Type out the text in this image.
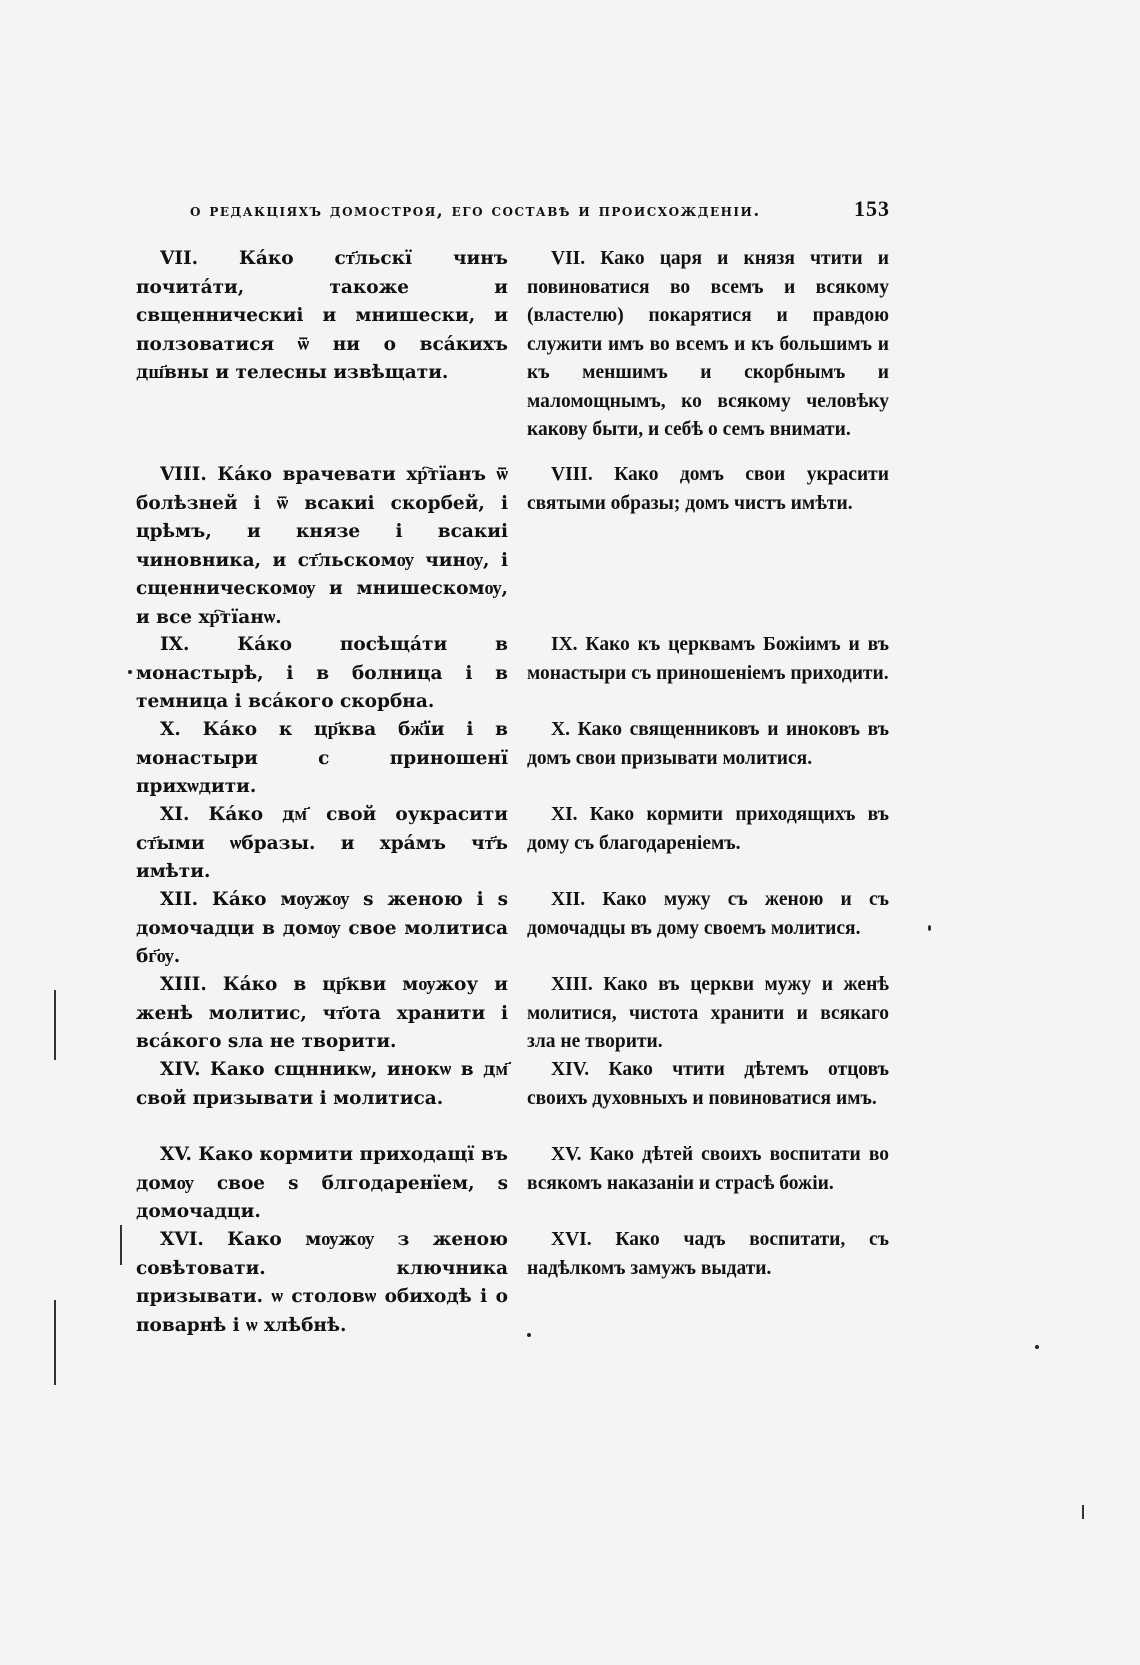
о редакціяхъ домостроя, его составѣ и происхожденіи.	153

VII. Ка́ко ст҃льскї чинъ почита́ти, такоже и свщенническиі и мнишески, и ползоватися ѿ ни о вса́кихъ дш҃вны и телесны извѣщати.

VIII. Ка́ко врачевати хр҇тїанъ ѿ болѣзней і ѿ всакиі скорбей, і црҍмъ, и князе і всакиі чиновника, и ст҃льскомѹ чинѹ, і сщенническомѹ и мнишескомѹ, и все хр҇тїанѡ.

IX. Ка́ко посѣща́ти в монастырѣ, і в болница і в темница і вса́кого скорбна.

X. Ка́ко к цр҃ква бж҃їи і в монастыри с приношенї прихѡдити.

XI. Ка́ко дм҃ свой оукрасити ст҃ыми ѡбразы. и хра́мъ чт҃ъ имѣти.

XII. Ка́ко мѹжѹ ѕ женою і ѕ домочадци в домѹ свое молитиса бг҃ѹ.

XIII. Ка́ко в цр҃кви мѹжоу и женѣ молитис, чт҃ота хранити і вса́кого ѕла не творити.

XIV. Како сщнникѡ, инокѡ в дм҃ свой призывати і молитиса.

XV. Како кормити приходащї въ домѹ свое ѕ блгодаренїем, ѕ домочадци.

XVI. Како мѹжѹ з женою совѣтовати. ключника призывати. ѡ столовѡ обиходѣ і о поварнѣ і ѡ хлѣбнѣ.

VII. Како царя и князя чтити и повиноватися во всемъ и всякому (властелю) покарятися и правдою служити имъ во всемъ и къ большимъ и къ меншимъ и скорбнымъ и маломощнымъ, ко всякому человѣку какову быти, и себѣ о семъ внимати.

VIII. Како домъ свои украсити святыми образы; домъ чистъ имѣти.

IX. Како къ церквамъ Божіимъ и въ монастыри съ приношеніемъ приходити.

X. Како священниковъ и иноковъ въ домъ свои призывати молитися.

XI. Како кормити приходящихъ въ дому съ благодареніемъ.

XII. Како мужу съ женою и съ домочадцы въ дому своемъ молитися.

XIII. Како въ церкви мужу и женѣ молитися, чистота хранити и всякаго зла не творити.

XIV. Како чтити дѣтемъ отцовъ своихъ духовныхъ и повиноватися имъ.

XV. Како дѣтей своихъ воспитати во всякомъ наказаніи и страсѣ божіи.

XVI. Како чадъ воспитати, съ надѣлкомъ замужъ выдати.
